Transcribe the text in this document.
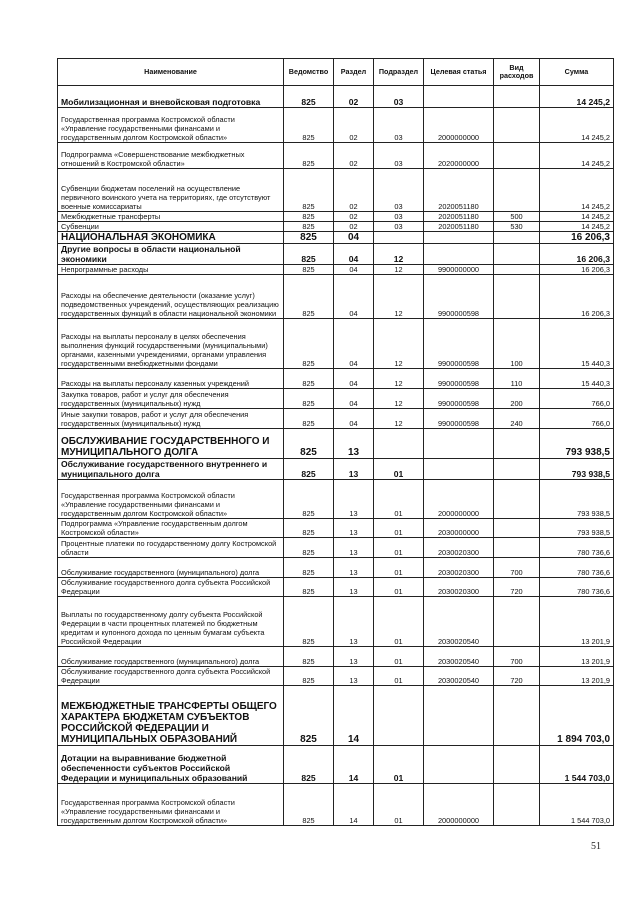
Наименование	Ведомство	Раздел	Подраздел	Целевая статья	Вид расходов	Сумма
Мобилизационная и вневойсковая подготовка	825	02	03			14 245,2
Государственная программа Костромской области «Управление государственными финансами и государственным долгом Костромской области»	825	02	03	2000000000		14 245,2
Подпрограмма «Совершенствование межбюджетных отношений в Костромской области»	825	02	03	2020000000		14 245,2
Субвенции бюджетам поселений на осуществление первичного воинского учета на территориях, где отсутствуют военные комиссариаты	825	02	03	2020051180		14 245,2
Межбюджетные трансферты	825	02	03	2020051180	500	14 245,2
Субвенции	825	02	03	2020051180	530	14 245,2
НАЦИОНАЛЬНАЯ ЭКОНОМИКА	825	04				16 206,3
Другие вопросы в области национальной экономики	825	04	12			16 206,3
Непрограммные расходы	825	04	12	9900000000		16 206,3
Расходы на обеспечение деятельности (оказание услуг) подведомственных учреждений, осуществляющих реализацию государственных функций в области национальной экономики	825	04	12	9900000598		16 206,3
Расходы на выплаты персоналу в целях обеспечения выполнения функций государственными (муниципальными) органами, казенными учреждениями, органами управления государственными внебюджетными фондами	825	04	12	9900000598	100	15 440,3
Расходы на выплаты персоналу казенных учреждений	825	04	12	9900000598	110	15 440,3
Закупка товаров, работ и услуг для обеспечения государственных (муниципальных) нужд	825	04	12	9900000598	200	766,0
Иные закупки товаров, работ и услуг для обеспечения государственных (муниципальных) нужд	825	04	12	9900000598	240	766,0
ОБСЛУЖИВАНИЕ ГОСУДАРСТВЕННОГО И МУНИЦИПАЛЬНОГО ДОЛГА	825	13				793 938,5
Обслуживание государственного внутреннего и муниципального долга	825	13	01			793 938,5
Государственная программа Костромской области «Управление государственными финансами и государственным долгом Костромской области»	825	13	01	2000000000		793 938,5
Подпрограмма «Управление государственным долгом Костромской области»	825	13	01	2030000000		793 938,5
Процентные платежи по государственному долгу Костромской области	825	13	01	2030020300		780 736,6
Обслуживание государственного (муниципального) долга	825	13	01	2030020300	700	780 736,6
Обслуживание государственного долга субъекта Российской Федерации	825	13	01	2030020300	720	780 736,6
Выплаты по государственному долгу субъекта Российской Федерации в части процентных платежей по бюджетным кредитам и купонного дохода по ценным бумагам субъекта Российской Федерации	825	13	01	2030020540		13 201,9
Обслуживание государственного (муниципального) долга	825	13	01	2030020540	700	13 201,9
Обслуживание государственного долга субъекта Российской Федерации	825	13	01	2030020540	720	13 201,9
МЕЖБЮДЖЕТНЫЕ ТРАНСФЕРТЫ ОБЩЕГО ХАРАКТЕРА БЮДЖЕТАМ СУБЪЕКТОВ РОССИЙСКОЙ ФЕДЕРАЦИИ И МУНИЦИПАЛЬНЫХ ОБРАЗОВАНИЙ	825	14				1 894 703,0
Дотации на выравнивание бюджетной обеспеченности субъектов Российской Федерации и муниципальных образований	825	14	01			1 544 703,0
Государственная программа Костромской области «Управление государственными финансами и государственным долгом Костромской области»	825	14	01	2000000000		1 544 703,0
51
